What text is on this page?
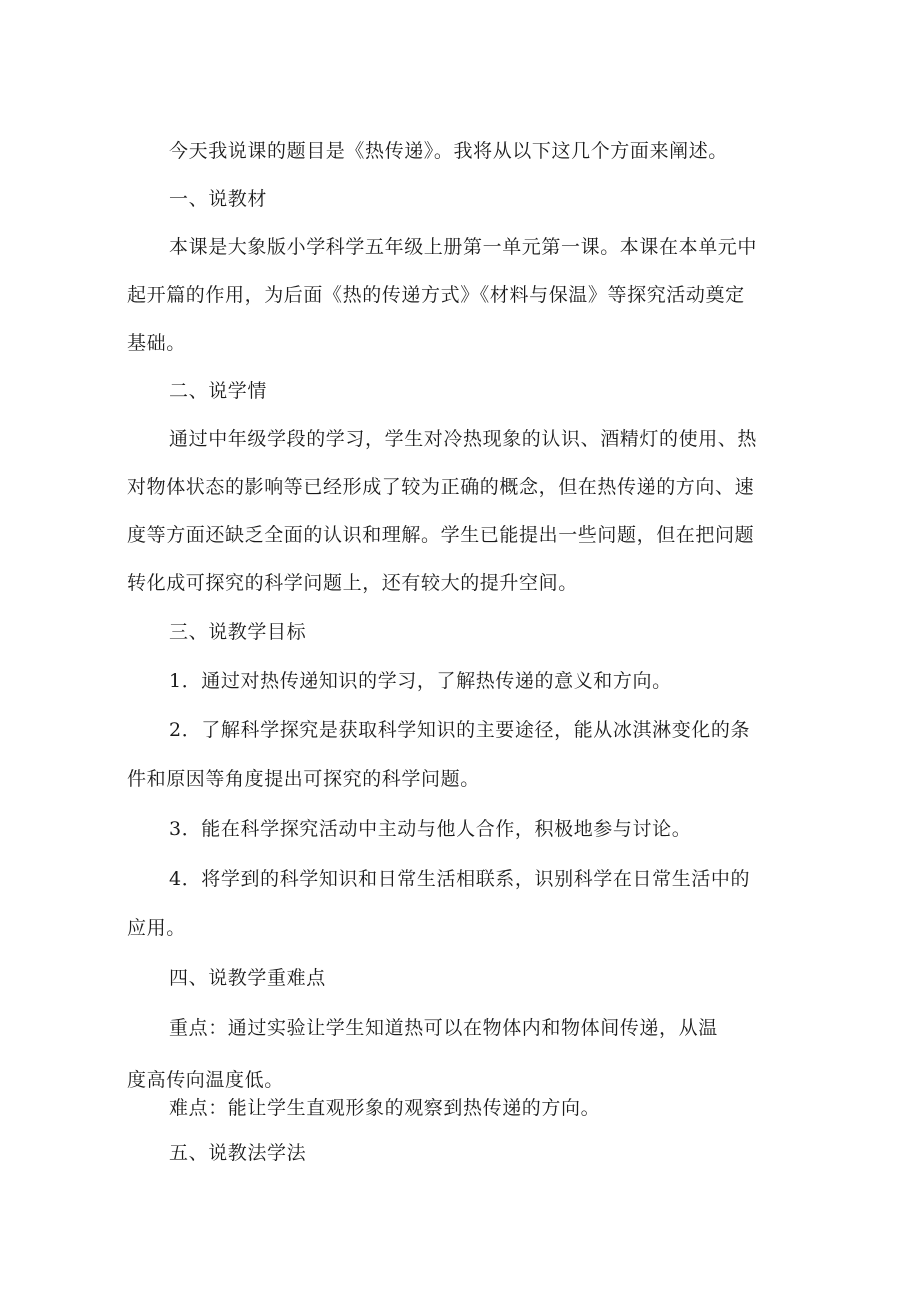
今天我说课的题目是《热传递》。我将从以下这几个方面来阐述。
一、说教材
本课是大象版小学科学五年级上册第一单元第一课。本课在本单元中
起开篇的作用，为后面《热的传递方式》《材料与保温》等探究活动奠定
基础。
二、说学情
通过中年级学段的学习，学生对冷热现象的认识、酒精灯的使用、热
对物体状态的影响等已经形成了较为正确的概念，但在热传递的方向、速
度等方面还缺乏全面的认识和理解。学生已能提出一些问题，但在把问题
转化成可探究的科学问题上，还有较大的提升空间。
三、说教学目标
1．通过对热传递知识的学习，了解热传递的意义和方向。
2．了解科学探究是获取科学知识的主要途径，能从冰淇淋变化的条
件和原因等角度提出可探究的科学问题。
3．能在科学探究活动中主动与他人合作，积极地参与讨论。
4．将学到的科学知识和日常生活相联系，识别科学在日常生活中的
应用。
四、说教学重难点
重点：通过实验让学生知道热可以在物体内和物体间传递，从温
度高传向温度低。
难点：能让学生直观形象的观察到热传递的方向。
五、说教法学法
